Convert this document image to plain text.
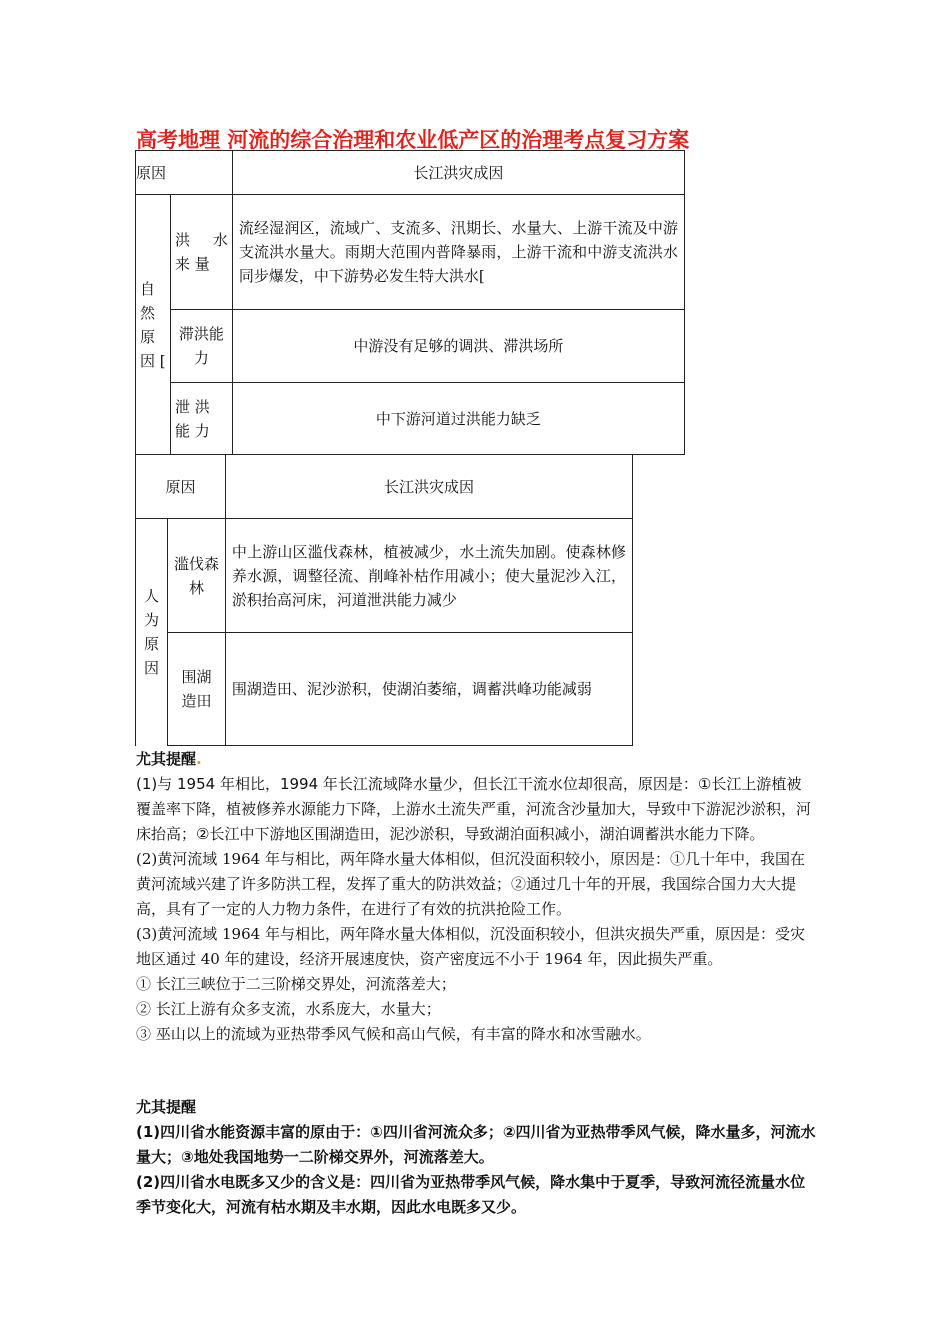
高考地理 河流的综合治理和农业低产区的治理考点复习方案
原因		长江洪灾成因
自 然 原 因 [	洪 水 来 量	流经湿润区，流域广、支流多、汛期长、水量大、上游干流及中游支流洪水量大。雨期大范围内普降暴雨，上游干流和中游支流洪水同步爆发，中下游势必发生特大洪水[
	滞洪能力	中游没有足够的调洪、滞洪场所
	泄 洪 能 力	中下游河道过洪能力缺乏
原因		长江洪灾成因
人为原因	滥伐森林	中上游山区滥伐森林，植被减少，水土流失加剧。使森林修养水源，调整径流、削峰补枯作用减小；使大量泥沙入江，淤积抬高河床，河道泄洪能力减少
	围湖造田	围湖造田、泥沙淤积，使湖泊萎缩，调蓄洪峰功能减弱

尤其提醒.

(1)与 1954 年相比，1994 年长江流域降水量少，但长江干流水位却很高，原因是：①长江上游植被覆盖率下降，植被修养水源能力下降，上游水土流失严重，河流含沙量加大，导致中下游泥沙淤积，河床抬高；②长江中下游地区围湖造田，泥沙淤积，导致湖泊面积减小，湖泊调蓄洪水能力下降。

(2)黄河流域 1964 年与相比，两年降水量大体相似，但沉没面积较小，原因是：①几十年中，我国在黄河流域兴建了许多防洪工程，发挥了重大的防洪效益；②通过几十年的开展，我国综合国力大大提高，具有了一定的人力物力条件，在进行了有效的抗洪抢险工作。

(3)黄河流域 1964 年与相比，两年降水量大体相似，沉没面积较小，但洪灾损失严重，原因是：受灾地区通过 40 年的建设，经济开展速度快，资产密度远不小于 1964 年，因此损失严重。

① 长江三峡位于二三阶梯交界处，河流落差大；

② 长江上游有众多支流，水系庞大，水量大；

③ 巫山以上的流域为亚热带季风气候和高山气候，有丰富的降水和冰雪融水。

尤其提醒

(1)四川省水能资源丰富的原由于：①四川省河流众多；②四川省为亚热带季风气候，降水量多，河流水量大；③地处我国地势一二阶梯交界外，河流落差大。

(2)四川省水电既多又少的含义是：四川省为亚热带季风气候，降水集中于夏季，导致河流径流量水位季节变化大，河流有枯水期及丰水期，因此水电既多又少。
